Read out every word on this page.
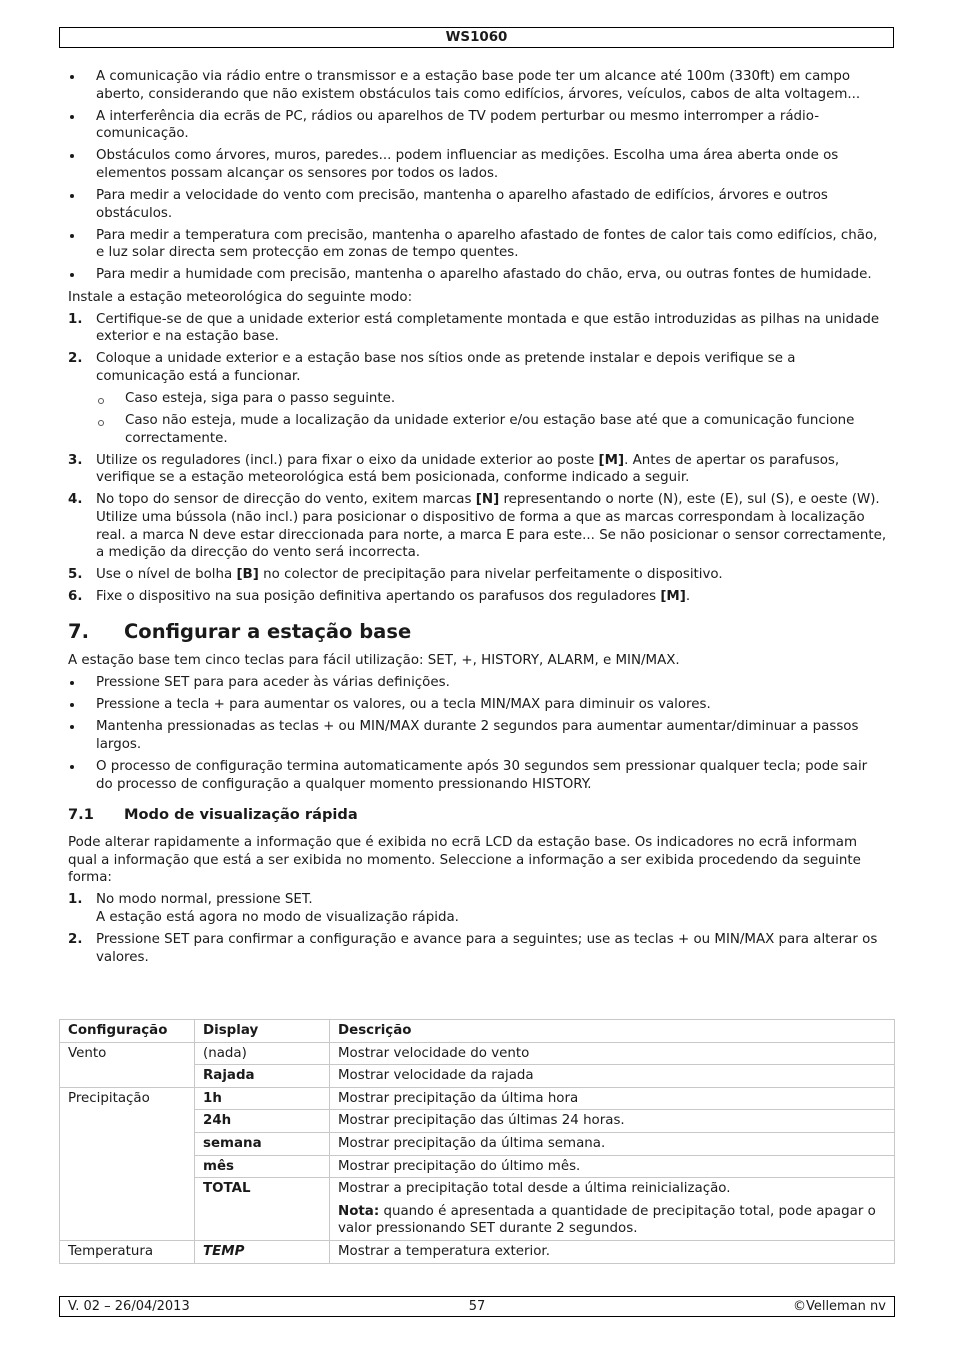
WS1060
A comunicação via rádio entre o transmissor e a estação base pode ter um alcance até 100m (330ft) em campo aberto, considerando que não existem obstáculos tais como edifícios, árvores, veículos, cabos de alta voltagem...
A interferência dia ecrãs de PC, rádios ou aparelhos de TV podem perturbar ou mesmo interromper a rádio-comunicação.
Obstáculos como árvores, muros, paredes... podem influenciar as medições. Escolha uma área aberta onde os elementos possam alcançar os sensores por todos os lados.
Para medir a velocidade do vento com precisão, mantenha o aparelho afastado de edifícios, árvores e outros obstáculos.
Para medir a temperatura com precisão, mantenha o aparelho afastado de fontes de calor tais como edifícios, chão, e luz solar directa sem protecção em zonas de tempo quentes.
Para medir a humidade com precisão, mantenha o aparelho afastado do chão, erva, ou outras fontes de humidade.

Instale a estação meteorológica do seguinte modo:

1. Certifique-se de que a unidade exterior está completamente montada e que estão introduzidas as pilhas na unidade exterior e na estação base.
2. Coloque a unidade exterior e a estação base nos sítios onde as pretende instalar e depois verifique se a comunicação está a funcionar.
Caso esteja, siga para o passo seguinte.
Caso não esteja, mude a localização da unidade exterior e/ou estação base até que a comunicação funcione correctamente.
3. Utilize os reguladores (incl.) para fixar o eixo da unidade exterior ao poste [M]. Antes de apertar os parafusos, verifique se a estação meteorológica está bem posicionada, conforme indicado a seguir.
4. No topo do sensor de direcção do vento, exitem marcas [N] representando o norte (N), este (E), sul (S), e oeste (W). Utilize uma bússola (não incl.) para posicionar o dispositivo de forma a que as marcas correspondam à localização real. a marca N deve estar direccionada para norte, a marca E para este... Se não posicionar o sensor correctamente, a medição da direcção do vento será incorrecta.
5. Use o nível de bolha [B] no colector de precipitação para nivelar perfeitamente o dispositivo.
6. Fixe o dispositivo na sua posição definitiva apertando os parafusos dos reguladores [M].
7.	Configurar a estação base

A estação base tem cinco teclas para fácil utilização: SET, +, HISTORY, ALARM, e MIN/MAX.

Pressione SET para para aceder às várias definições.
Pressione a tecla + para aumentar os valores, ou a tecla MIN/MAX para diminuir os valores.
Mantenha pressionadas as teclas + ou MIN/MAX durante 2 segundos para aumentar aumentar/diminuar a passos largos.
O processo de configuração termina automaticamente após 30 segundos sem pressionar qualquer tecla; pode sair do processo de configuração a qualquer momento pressionando HISTORY.
7.1	Modo de visualização rápida

Pode alterar rapidamente a informação que é exibida no ecrã LCD da estação base. Os indicadores no ecrã informam qual a informação que está a ser exibida no momento. Seleccione a informação a ser exibida procedendo da seguinte forma:

1. No modo normal, pressione SET.
A estação está agora no modo de visualização rápida.
2. Pressione SET para confirmar a configuração e avance para a seguintes; use as teclas + ou MIN/MAX para alterar os valores.
Configuração	Display	Descrição
Vento	(nada)	Mostrar velocidade do vento
	Rajada	Mostrar velocidade da rajada
Precipitação	1h	Mostrar precipitação da última hora
	24h	Mostrar precipitação das últimas 24 horas.
	semana	Mostrar precipitação da última semana.
	mês	Mostrar precipitação do último mês.
	TOTAL	Mostrar a precipitação total desde a última reinicialização.
Nota: quando é apresentada a quantidade de precipitação total, pode apagar o valor pressionando SET durante 2 segundos.

Temperatura	TEMP	Mostrar a temperatura exterior.
V. 02 – 26/04/2013	57	©Velleman nv
